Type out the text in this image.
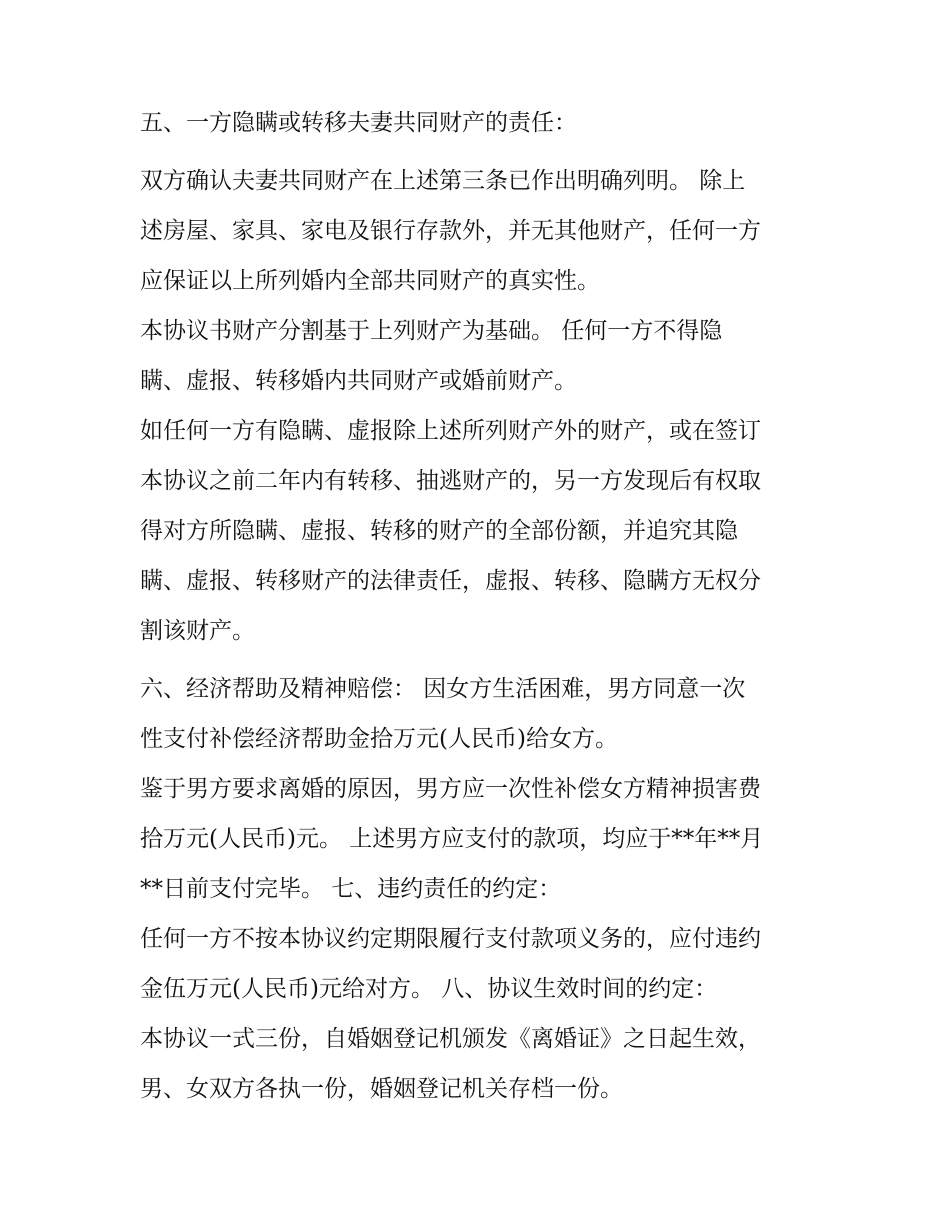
五、一方隐瞒或转移夫妻共同财产的责任：
双方确认夫妻共同财产在上述第三条已作出明确列明。 除上
述房屋、家具、家电及银行存款外，并无其他财产，任何一方
应保证以上所列婚内全部共同财产的真实性。
本协议书财产分割基于上列财产为基础。 任何一方不得隐
瞒、虚报、转移婚内共同财产或婚前财产。
如任何一方有隐瞒、虚报除上述所列财产外的财产，或在签订
本协议之前二年内有转移、抽逃财产的，另一方发现后有权取
得对方所隐瞒、虚报、转移的财产的全部份额，并追究其隐
瞒、虚报、转移财产的法律责任，虚报、转移、隐瞒方无权分
割该财产。
六、经济帮助及精神赔偿： 因女方生活困难，男方同意一次
性支付补偿经济帮助金拾万元(人民币)给女方。
鉴于男方要求离婚的原因，男方应一次性补偿女方精神损害费
拾万元(人民币)元。 上述男方应支付的款项，均应于**年**月
**日前支付完毕。 七、违约责任的约定：
任何一方不按本协议约定期限履行支付款项义务的，应付违约
金伍万元(人民币)元给对方。 八、协议生效时间的约定：
本协议一式三份，自婚姻登记机颁发《离婚证》之日起生效，
男、女双方各执一份，婚姻登记机关存档一份。
